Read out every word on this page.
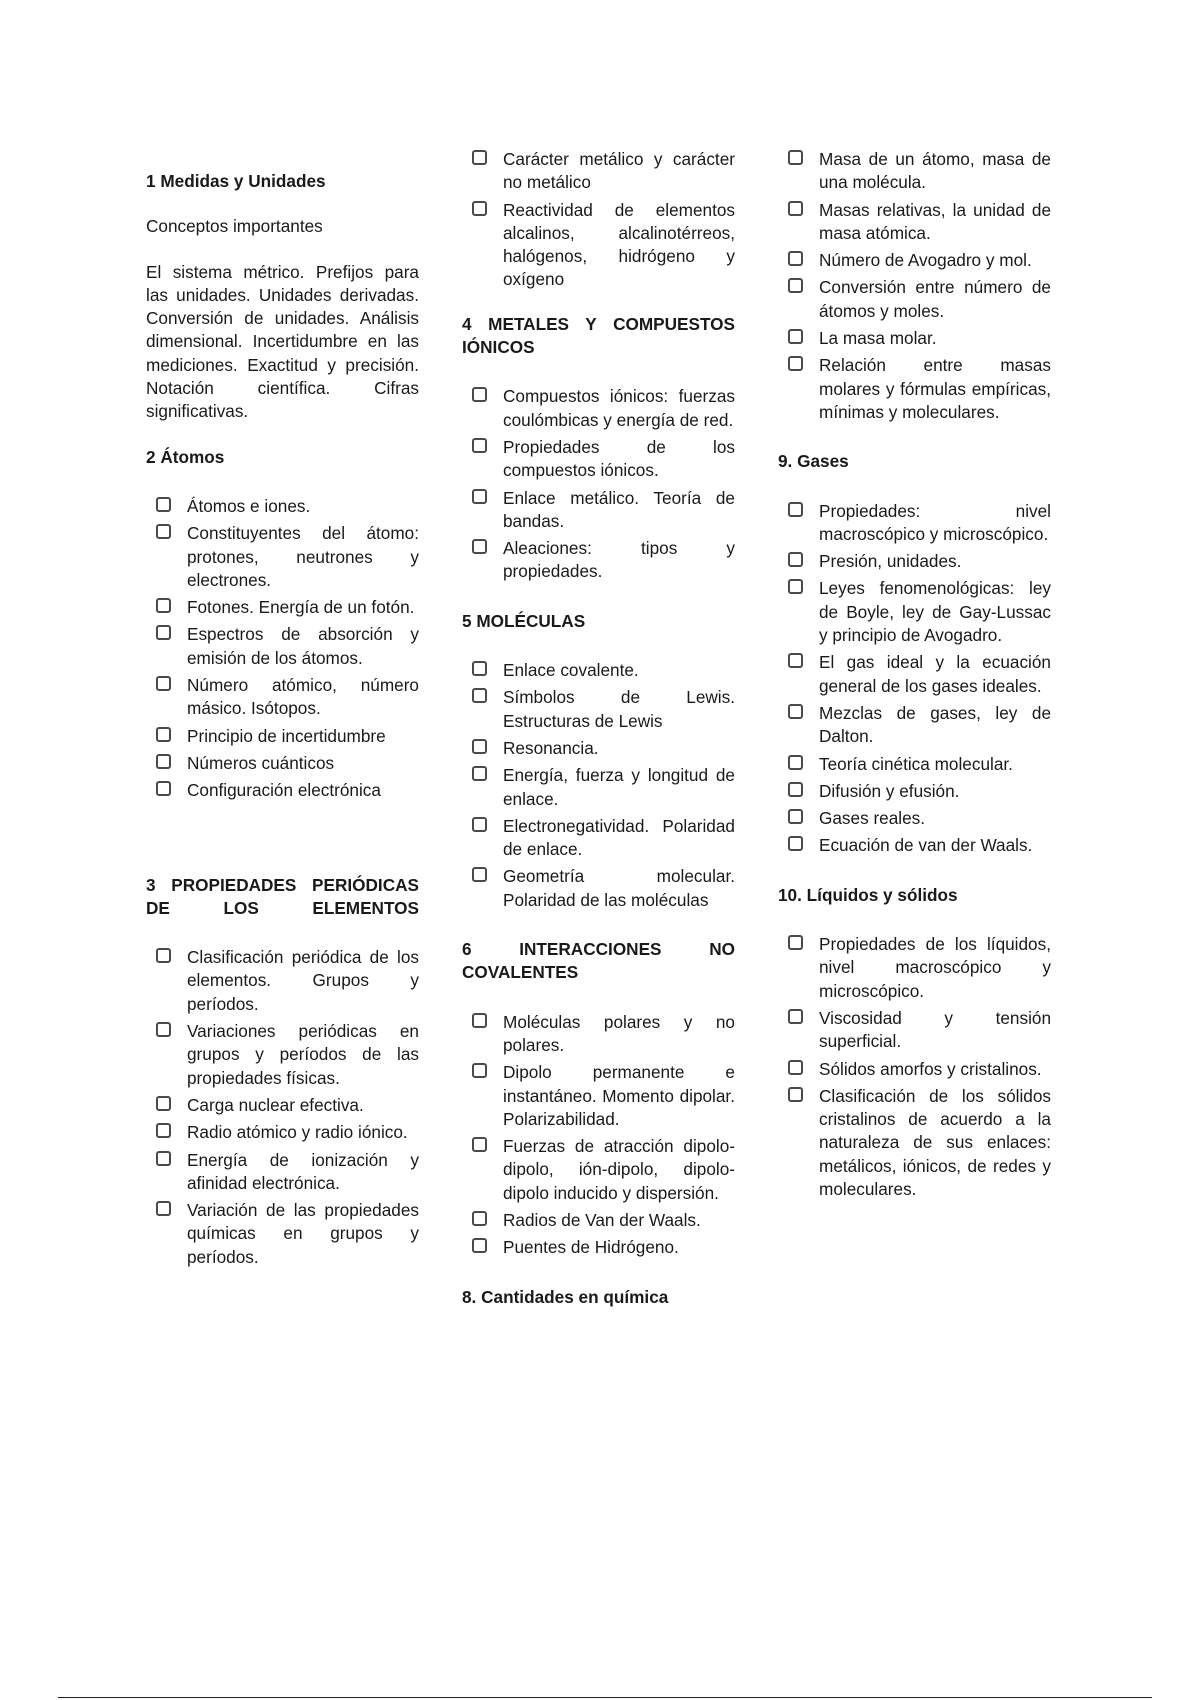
1 Medidas y Unidades
Conceptos importantes
El sistema métrico. Prefijos para las unidades. Unidades derivadas. Conversión de unidades. Análisis dimensional. Incertidumbre en las mediciones. Exactitud y precisión. Notación científica. Cifras significativas.
2 Átomos
Átomos e iones.
Constituyentes del átomo: protones, neutrones y electrones.
Fotones. Energía de un fotón.
Espectros de absorción y emisión de los átomos.
Número atómico, número másico. Isótopos.
Principio de incertidumbre
Números cuánticos
Configuración electrónica
3 PROPIEDADES PERIÓDICAS DE LOS ELEMENTOS
Clasificación periódica de los elementos. Grupos y períodos.
Variaciones periódicas en grupos y períodos de las propiedades físicas.
Carga nuclear efectiva.
Radio atómico y radio iónico.
Energía de ionización y afinidad electrónica.
Variación de las propiedades químicas en grupos y períodos.
Carácter metálico y carácter no metálico
Reactividad de elementos alcalinos, alcalinotérreos, halógenos, hidrógeno y oxígeno
4 METALES Y COMPUESTOS IÓNICOS
Compuestos iónicos: fuerzas coulómbicas y energía de red.
Propiedades de los compuestos iónicos.
Enlace metálico. Teoría de bandas.
Aleaciones: tipos y propiedades.
5 MOLÉCULAS
Enlace covalente.
Símbolos de Lewis. Estructuras de Lewis
Resonancia.
Energía, fuerza y longitud de enlace.
Electronegatividad. Polaridad de enlace.
Geometría molecular. Polaridad de las moléculas
6 INTERACCIONES NO COVALENTES
Moléculas polares y no polares.
Dipolo permanente e instantáneo. Momento dipolar. Polarizabilidad.
Fuerzas de atracción dipolo-dipolo, ión-dipolo, dipolo-dipolo inducido y dispersión.
Radios de Van der Waals.
Puentes de Hidrógeno.
8. Cantidades en química
Masa de un átomo, masa de una molécula.
Masas relativas, la unidad de masa atómica.
Número de Avogadro y mol.
Conversión entre número de átomos y moles.
La masa molar.
Relación entre masas molares y fórmulas empíricas, mínimas y moleculares.
9. Gases
Propiedades: nivel macroscópico y microscópico.
Presión, unidades.
Leyes fenomenológicas: ley de Boyle, ley de Gay-Lussac y principio de Avogadro.
El gas ideal y la ecuación general de los gases ideales.
Mezclas de gases, ley de Dalton.
Teoría cinética molecular.
Difusión y efusión.
Gases reales.
Ecuación de van der Waals.
10. Líquidos y sólidos
Propiedades de los líquidos, nivel macroscópico y microscópico.
Viscosidad y tensión superficial.
Sólidos amorfos y cristalinos.
Clasificación de los sólidos cristalinos de acuerdo a la naturaleza de sus enlaces: metálicos, iónicos, de redes y moleculares.
